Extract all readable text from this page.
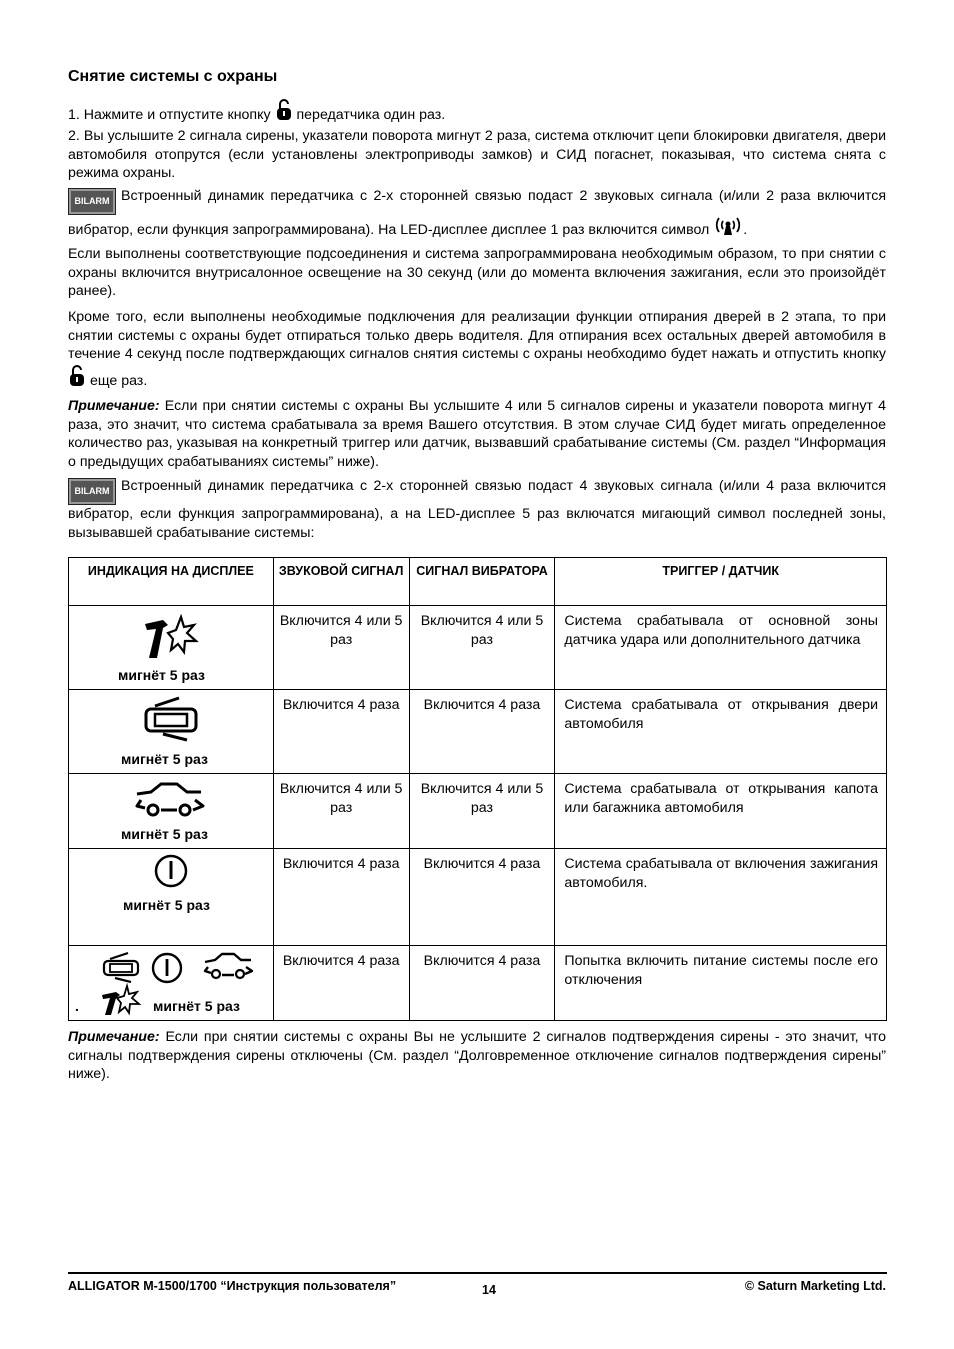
Снятие системы с охраны
1. Нажмите и отпустите кнопку передатчика один раз.
2. Вы услышите 2 сигнала сирены, указатели поворота мигнут 2 раза, система отключит цепи блокировки двигателя, двери автомобиля отопрутся (если установлены электроприводы замков) и СИД погаснет, показывая, что система снята с режима охраны.
BILARM Встроенный динамик передатчика с 2-х сторонней связью подаст 2 звуковых сигнала (и/или 2 раза включится вибратор, если функция запрограммирована). На LED-дисплее дисплее 1 раз включится символ .
Если выполнены соответствующие подсоединения и система запрограммирована необходимым образом, то при снятии с охраны включится внутрисалонное освещение на 30 секунд (или до момента включения зажигания, если это произойдёт ранее).
Кроме того, если выполнены необходимые подключения для реализации функции отпирания дверей в 2 этапа, то при снятии системы с охраны будет отпираться только дверь водителя. Для отпирания всех остальных дверей автомобиля в течение 4 секунд после подтверждающих сигналов снятия системы с охраны необходимо будет нажать и отпустить кнопку  еще раз.
Примечание: Если при снятии системы с охраны Вы услышите 4 или 5 сигналов сирены и указатели поворота мигнут 4 раза, это значит, что система срабатывала за время Вашего отсутствия. В этом случае СИД будет мигать определенное количество раз, указывая на конкретный триггер или датчик, вызвавший срабатывание системы (См. раздел “Информация о предыдущих срабатываниях системы” ниже).
BILARM Встроенный динамик передатчика с 2-х сторонней связью подаст 4 звуковых сигнала (и/или 4 раза включится вибратор, если функция запрограммирована), а на LED-дисплее 5 раз включатся мигающий символ последней зоны, вызывавшей срабатывание системы:
ИНДИКАЦИЯ НА ДИСПЛЕЕ	ЗВУКОВОЙ СИГНАЛ	СИГНАЛ ВИБРАТОРА	ТРИГГЕР / ДАТЧИК

мигнёт 5 раз	Включится 4 или 5 раз	Включится 4 или 5 раз	Система срабатывала от основной зоны датчика удара или дополнительного датчика

мигнёт 5 раз	Включится 4 раза	Включится 4 раза	Система срабатывала от открывания двери автомобиля

мигнёт 5 раз	Включится 4 или 5 раз	Включится 4 или 5 раз	Система срабатывала от открывания капота или багажника автомобиля

мигнёт 5 раз	Включится 4 раза	Включится 4 раза	Система срабатывала от включения зажигания автомобиля.

. мигнёт 5 раз	Включится 4 раза	Включится 4 раза	Попытка включить питание системы после его отключения
Примечание: Если при снятии системы с охраны Вы не услышите 2 сигналов подтверждения сирены - это значит, что сигналы подтверждения сирены отключены (См. раздел “Долговременное отключение сигналов подтверждения сирены” ниже).
ALLIGATOR M-1500/1700 “Инструкция пользователя”	14	© Saturn Marketing Ltd.
